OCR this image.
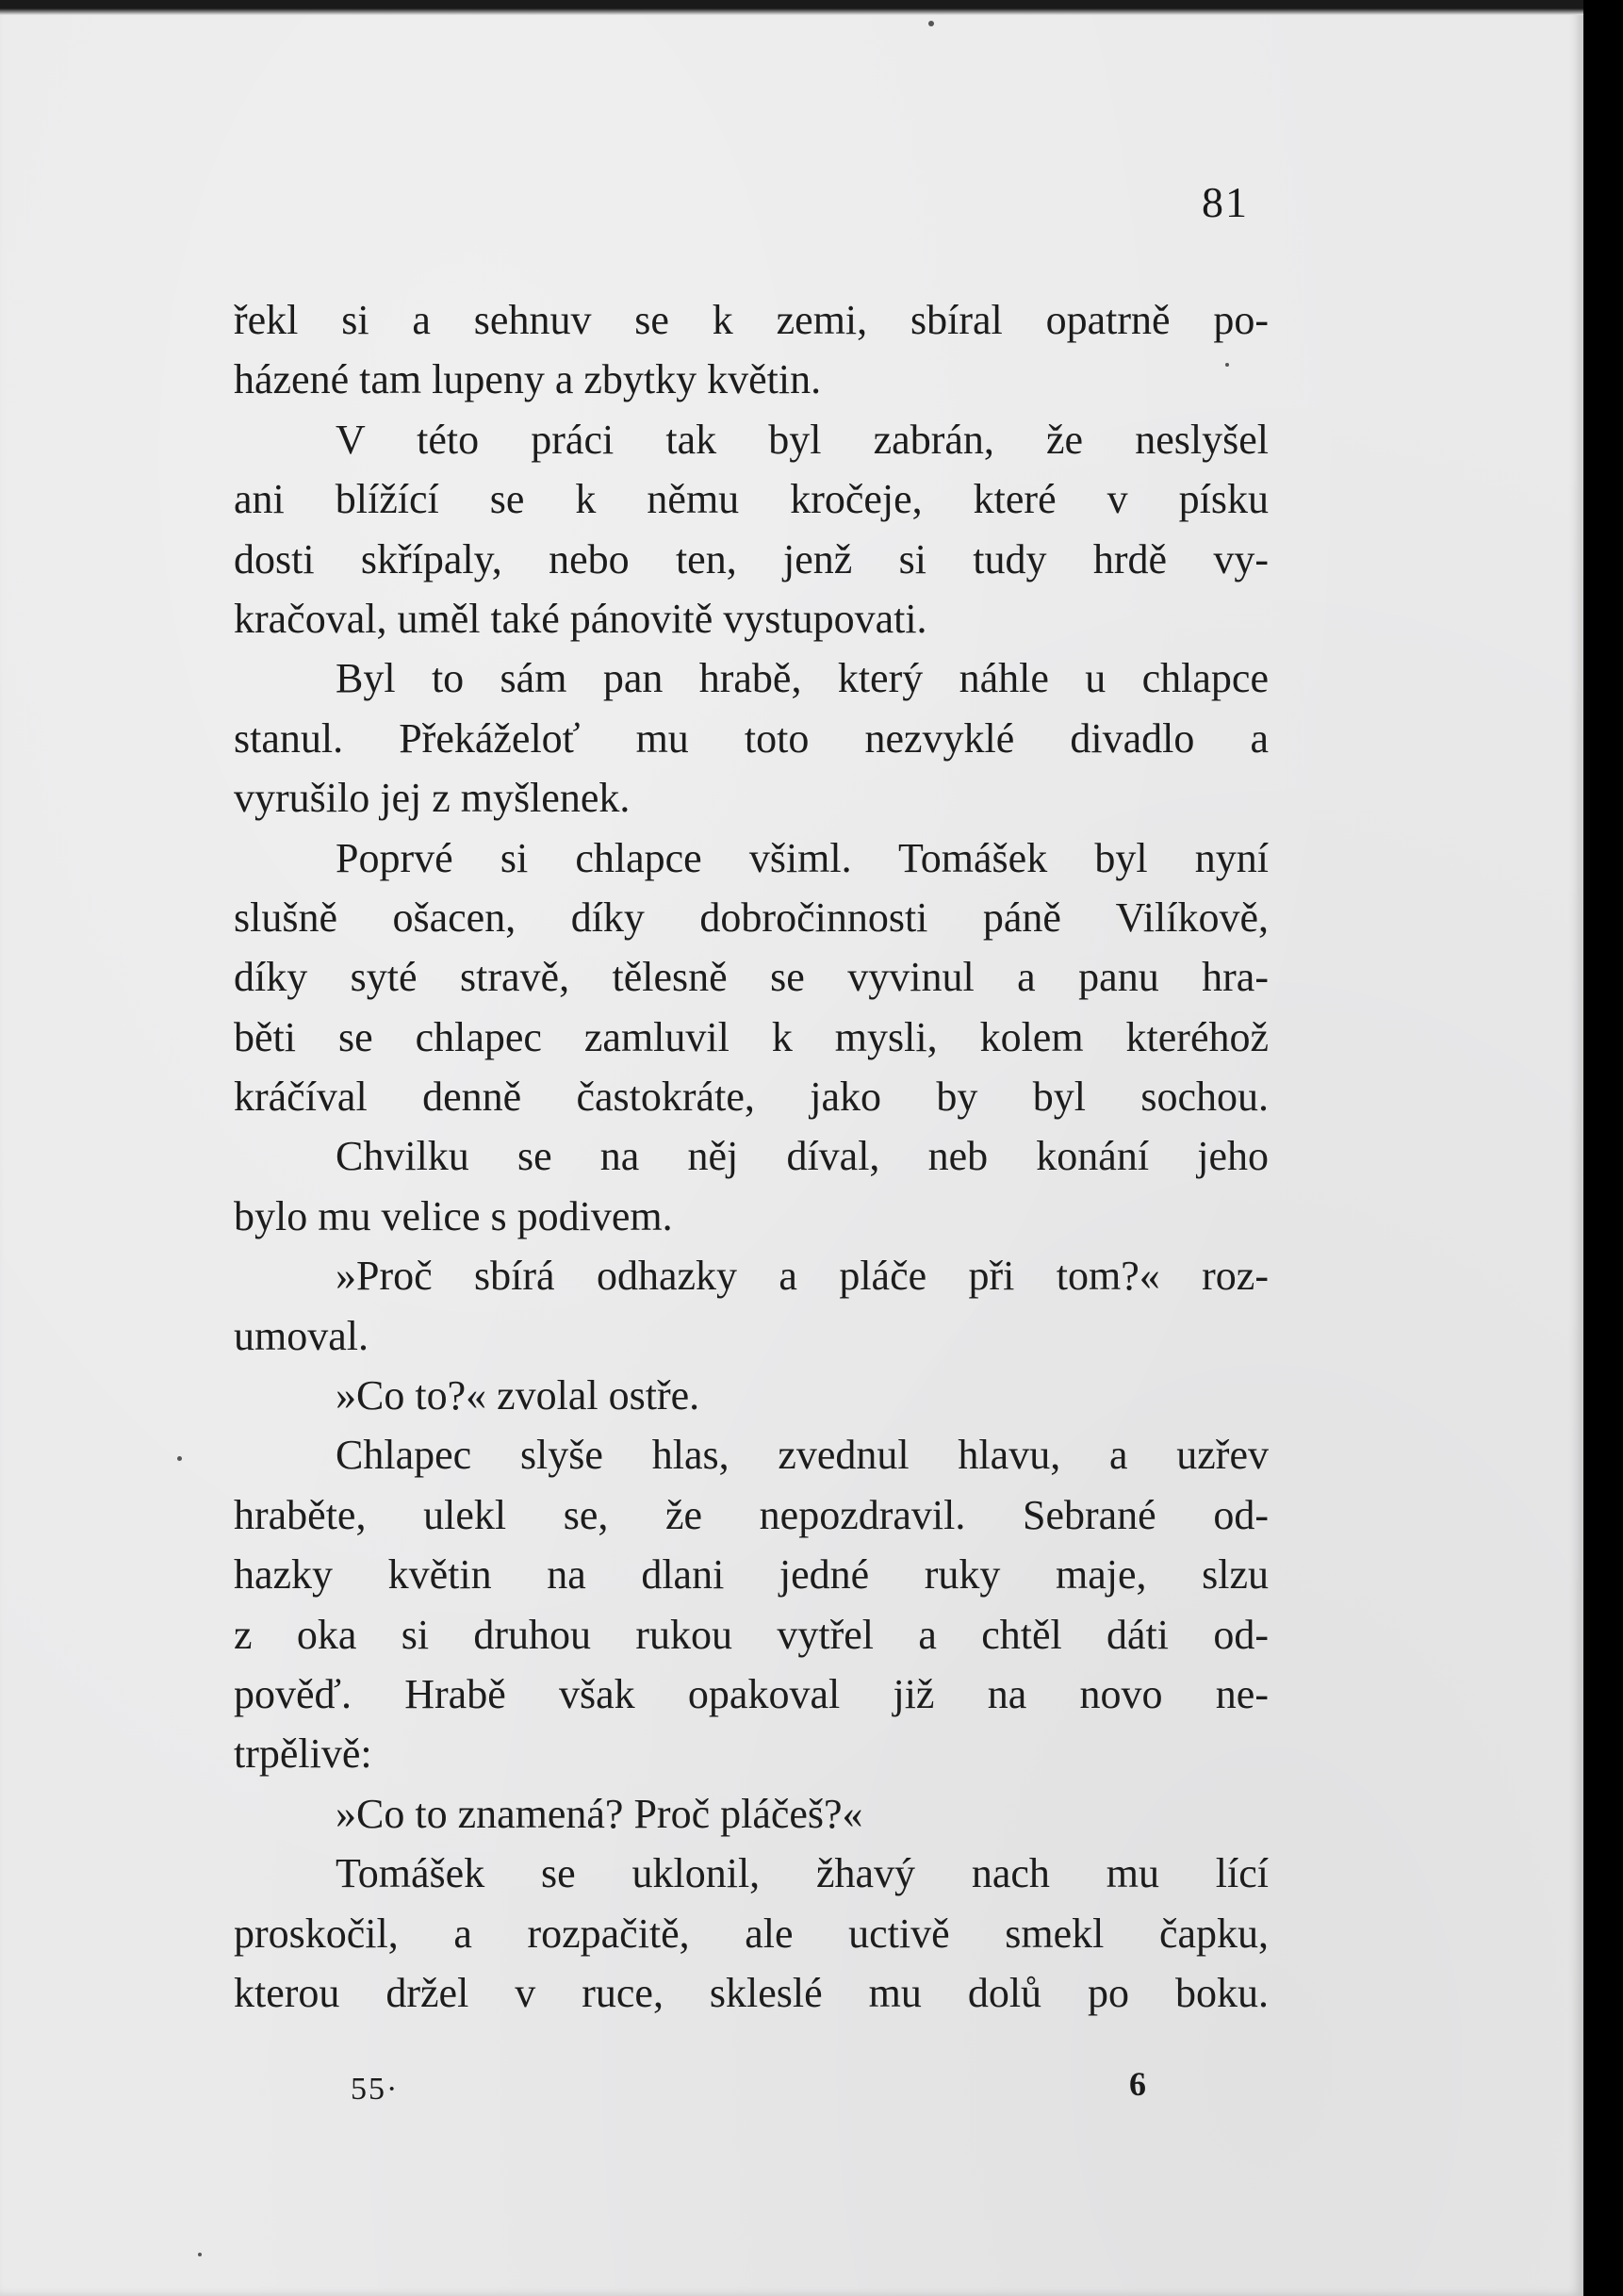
81

řekl si a sehnuv se k zemi, sbíral opatrně po-
házené tam lupeny a zbytky květin.
V této práci tak byl zabrán, že neslyšel
ani blížící se k němu kročeje, které v písku
dosti skřípaly, nebo ten, jenž si tudy hrdě vy-
kračoval, uměl také pánovitě vystupovati.
Byl to sám pan hrabě, který náhle u chlapce
stanul. Překáželoť mu toto nezvyklé divadlo a
vyrušilo jej z myšlenek.
Poprvé si chlapce všiml. Tomášek byl nyní
slušně ošacen, díky dobročinnosti páně Vilíkově,
díky syté stravě, tělesně se vyvinul a panu hra-
běti se chlapec zamluvil k mysli, kolem kteréhož
kráčíval denně častokráte, jako by byl sochou.
Chvilku se na něj díval, neb konání jeho
bylo mu velice s podivem.
»Proč sbírá odhazky a pláče při tom?« roz-
umoval.
»Co to?« zvolal ostře.
Chlapec slyše hlas, zvednul hlavu, a uzřev
hraběte, ulekl se, že nepozdravil. Sebrané od-
hazky květin na dlani jedné ruky maje, slzu
z oka si druhou rukou vytřel a chtěl dáti od-
pověď. Hrabě však opakoval již na novo ne-
trpělivě:
»Co to znamená? Proč pláčeš?«
Tomášek se uklonil, žhavý nach mu lící
proskočil, a rozpačitě, ale uctivě smekl čapku,
kterou držel v ruce, skleslé mu dolů po boku.

55·	6
